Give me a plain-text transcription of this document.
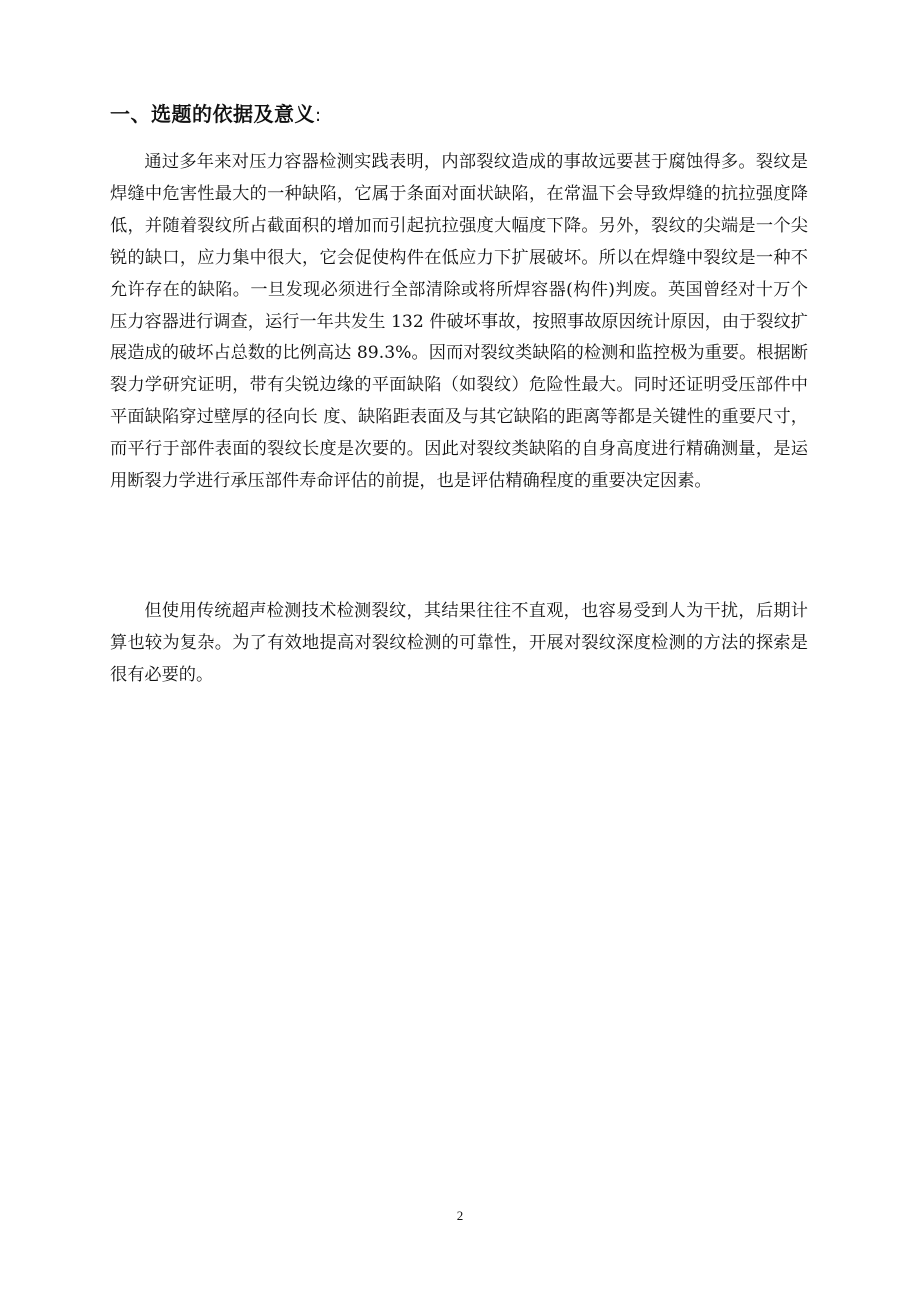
一、选题的依据及意义:

通过多年来对压力容器检测实践表明，内部裂纹造成的事故远要甚于腐蚀得多。裂纹是焊缝中危害性最大的一种缺陷，它属于条面对面状缺陷，在常温下会导致焊缝的抗拉强度降低，并随着裂纹所占截面积的增加而引起抗拉强度大幅度下降。另外，裂纹的尖端是一个尖锐的缺口，应力集中很大，它会促使构件在低应力下扩展破坏。所以在焊缝中裂纹是一种不允许存在的缺陷。一旦发现必须进行全部清除或将所焊容器(构件)判废。英国曾经对十万个压力容器进行调查，运行一年共发生 132 件破坏事故，按照事故原因统计原因，由于裂纹扩展造成的破坏占总数的比例高达 89.3%。因而对裂纹类缺陷的检测和监控极为重要。根据断裂力学研究证明，带有尖锐边缘的平面缺陷（如裂纹）危险性最大。同时还证明受压部件中平面缺陷穿过壁厚的径向长 度、缺陷距表面及与其它缺陷的距离等都是关键性的重要尺寸，而平行于部件表面的裂纹长度是次要的。因此对裂纹类缺陷的自身高度进行精确测量，是运用断裂力学进行承压部件寿命评估的前提，也是评估精确程度的重要决定因素。

但使用传统超声检测技术检测裂纹，其结果往往不直观，也容易受到人为干扰，后期计算也较为复杂。为了有效地提高对裂纹检测的可靠性，开展对裂纹深度检测的方法的探索是很有必要的。

2
